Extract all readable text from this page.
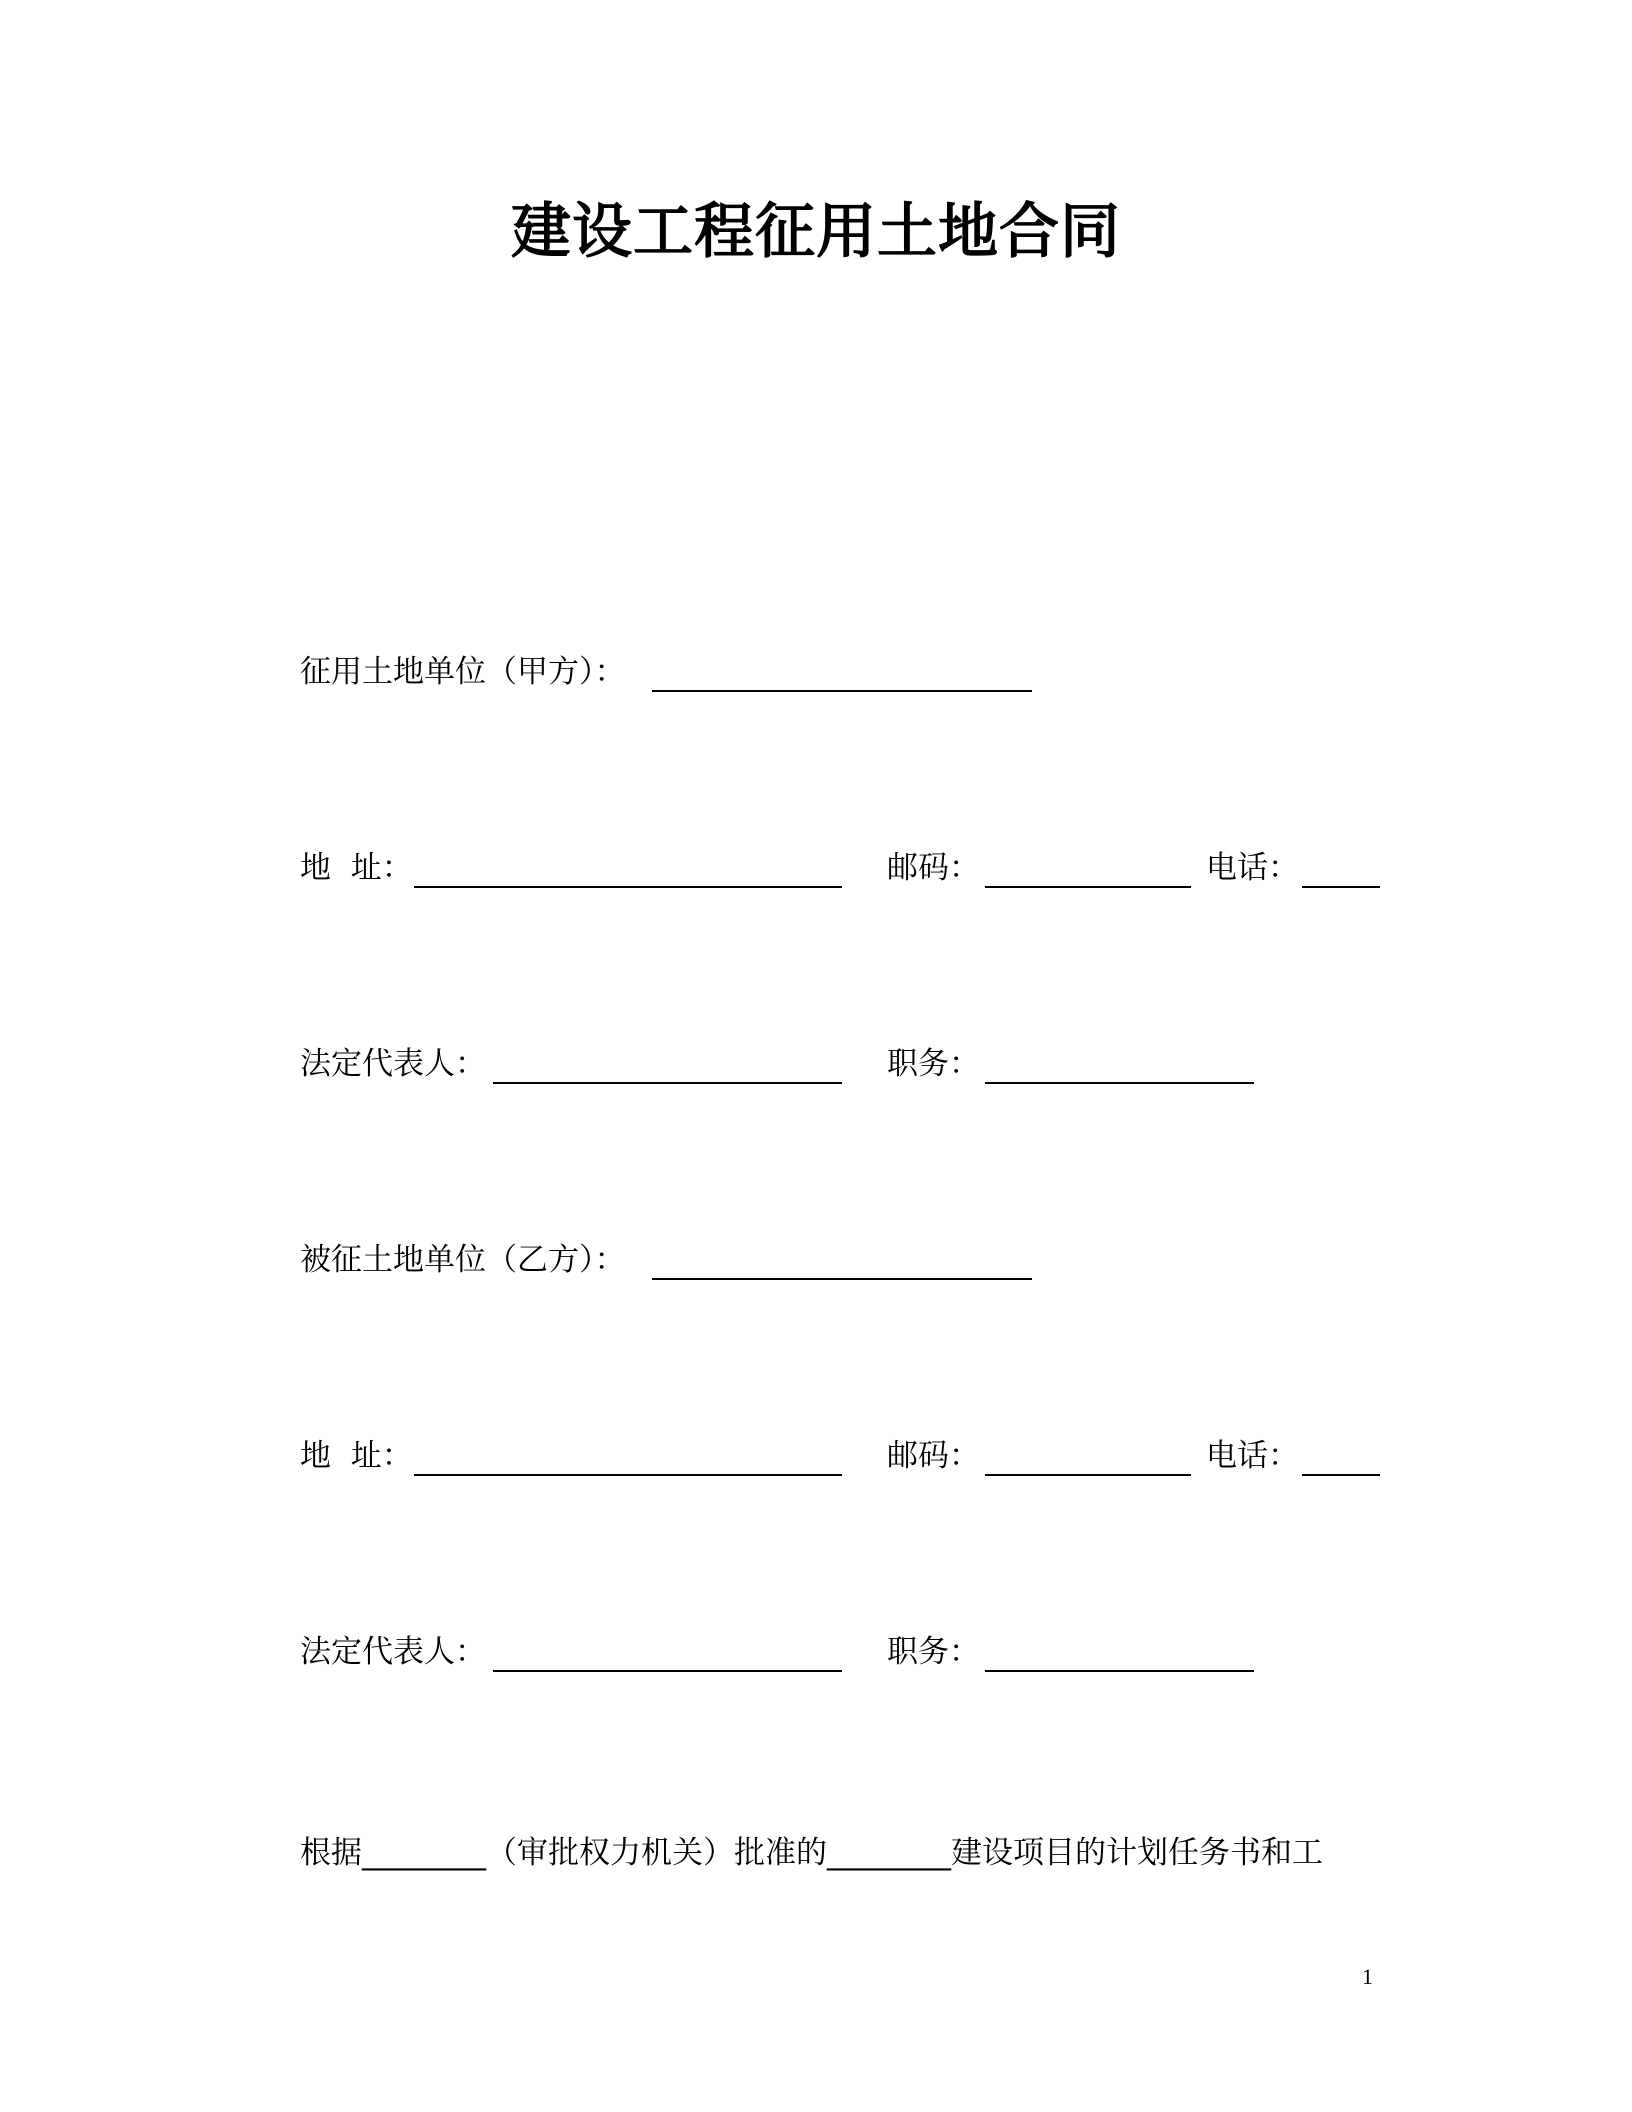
建设工程征用土地合同
征用土地单位（甲方）：
地  址：	邮码：	电话：
法定代表人：	职务：
被征土地单位（乙方）：
地  址：	邮码：	电话：
法定代表人：	职务：
根据________（审批权力机关）批准的________建设项目的计划任务书和工
1
